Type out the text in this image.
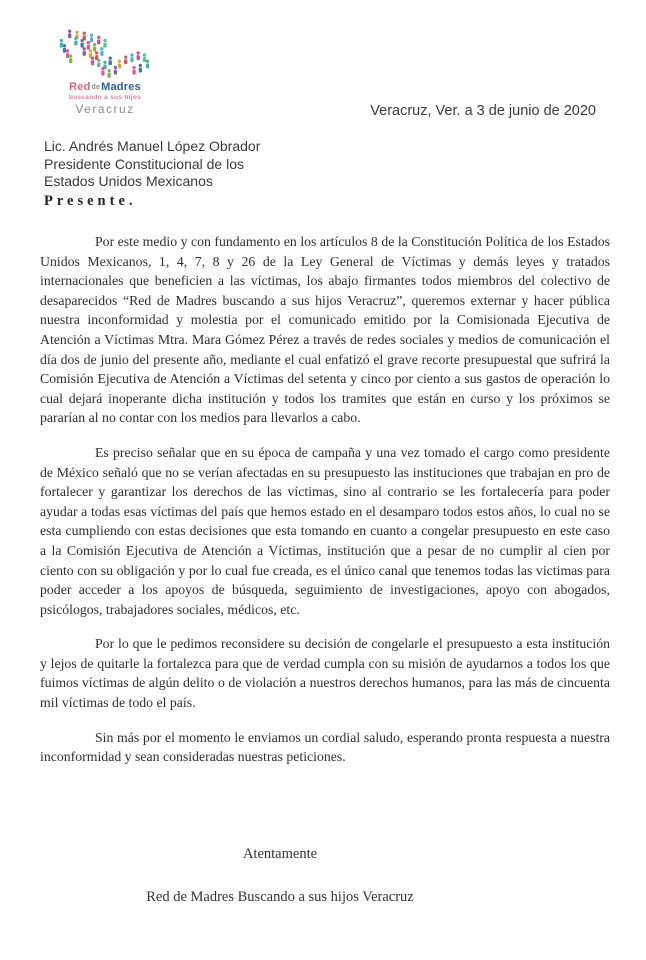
ReddeMadres
buscando a sus hijos
Veracruz	Veracruz, Ver. a 3 de junio de 2020
Lic. Andrés Manuel López Obrador
Presidente Constitucional de los
Estados Unidos Mexicanos
Presente.

Por este medio y con fundamento en los artículos 8 de la Constitución Política de los Estados Unidos Mexicanos, 1, 4, 7, 8 y 26 de la Ley General de Víctimas y demás leyes y tratados internacionales que beneficien a las víctimas, los abajo firmantes todos miembros del colectivo de desaparecidos “Red de Madres buscando a sus hijos Veracruz”, queremos externar y hacer pública nuestra inconformidad y molestia por el comunicado emitido por la Comisionada Ejecutiva de Atención a Víctimas Mtra. Mara Gómez Pérez a través de redes sociales y medios de comunicación el día dos de junio del presente año, mediante el cual enfatizó el grave recorte presupuestal que sufrirá la Comisión Ejecutiva de Atención a Víctimas del setenta y cinco por ciento a sus gastos de operación lo cual dejará inoperante dicha institución y todos los tramites que están en curso y los próximos se pararían al no contar con los medios para llevarlos a cabo.

Es preciso señalar que en su época de campaña y una vez tomado el cargo como presidente de México señaló que no se verían afectadas en su presupuesto las instituciones que trabajan en pro de fortalecer y garantizar los derechos de las víctimas, sino al contrario se les fortalecería para poder ayudar a todas esas víctimas del país que hemos estado en el desamparo todos estos años, lo cual no se esta cumpliendo con estas decisiones que esta tomando en cuanto a congelar presupuesto en este caso a la Comisión Ejecutiva de Atención a Víctimas, institución que a pesar de no cumplir al cien por ciento con su obligación y por lo cual fue creada, es el único canal que tenemos todas las victimas para poder acceder a los apoyos de búsqueda, seguimiento de investigaciones, apoyo con abogados, psicólogos, trabajadores sociales, médicos, etc.

Por lo que le pedimos reconsidere su decisión de congelarle el presupuesto a esta institución y lejos de quitarle la fortalezca para que de verdad cumpla con su misión de ayudarnos a todos los que fuimos víctimas de algún delito o de violación a nuestros derechos humanos, para las más de cincuenta mil víctimas de todo el país.

Sin más por el momento le enviamos un cordial saludo, esperando pronta respuesta a nuestra inconformidad y sean consideradas nuestras peticiones.

Atentamente
Red de Madres Buscando a sus hijos Veracruz
